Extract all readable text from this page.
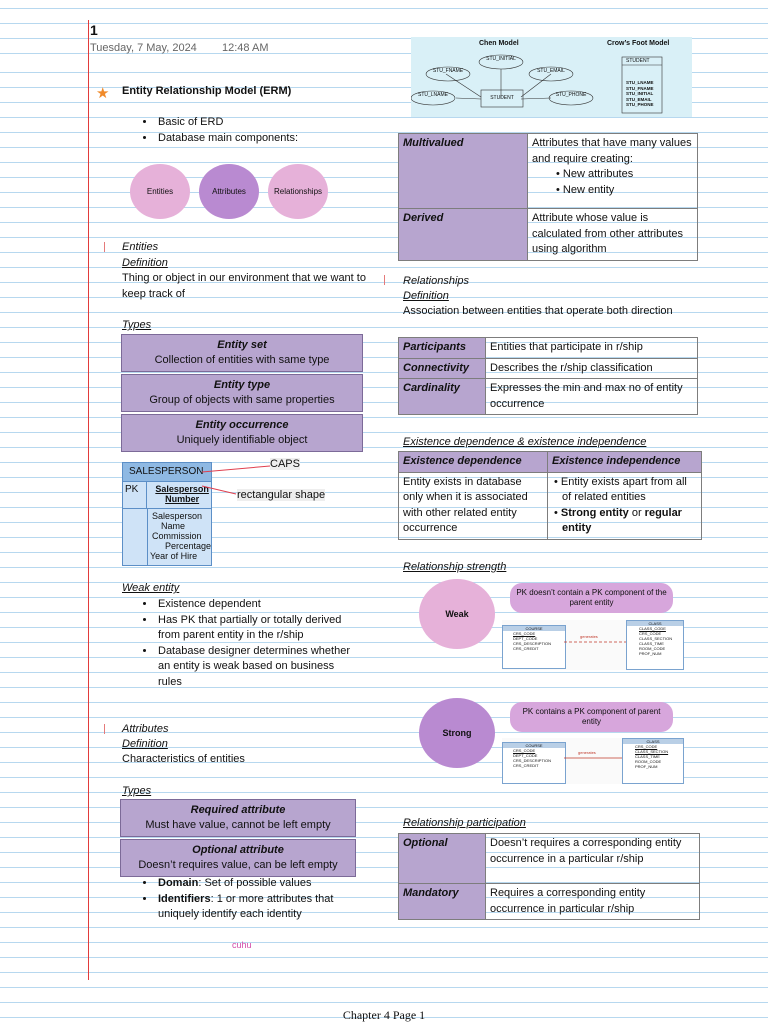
1
Tuesday, 7 May, 2024 12:48 AM
★ Entity Relationship Model (ERM)
• Basic of ERD
• Database main components:
Entities	Attributes	Relationships
Entities
Definition
Thing or object in our environment that we want to keep track of
Types
Entity set
Collection of entities with same type
Entity type
Group of objects with same properties
Entity occurrence
Uniquely identifiable object
SALESPERSON
PK	Salesperson
Number
Salesperson
Name
Commission
Percentage
Year of Hire
CAPS
rectangular shape
Weak entity
• Existence dependent
• Has PK that partially or totally derived from parent entity in the r/ship
• Database designer determines whether an entity is weak based on business rules
Attributes
Definition
Characteristics of entities
Types
Required attribute
Must have value, cannot be left empty
Optional attribute
Doesn’t requires value, can be left empty
• Domain: Set of possible values
• Identifiers: 1 or more attributes that uniquely identify each identity
cuhu
Chen Model	Crow’s Foot Model
STU_INITIAL
STU_FNAME	STU_EMAIL
STU_LNAME	STU_PHONE
STUDENT
STUDENT
STU_LNAME
STU_FNAME
STU_INITIAL
STU_EMAIL
STU_PHONE
Multivalued	Attributes that have many values and require creating:
• New attributes
• New entity

Derived	Attribute whose value is calculated from other attributes using algorithm
Relationships
Definition
Association between entities that operate both direction
Participants	Entities that participate in r/ship
Connectivity	Describes the r/ship classification
Cardinality	Expresses the min and max no of entity occurrence
Existence dependence & existence independence
Existence dependence	Existence independence
Entity exists in database only when it is associated with other related entity occurrence	• Entity exists apart from all of related entities
• Strong entity or regular entity
Relationship strength
Weak
PK doesn’t contain a PK component of the parent entity
COURSE
CRS_CODE
DEPT_CODE CRS_DESCRIPTION CRS_CREDIT
generates
CLASS
CLASS_CODE
CRS_CODE CLASS_SECTION CLASS_TIME ROOM_CODE PROF_NUM
Strong
PK contains a PK component of parent entity
COURSE
CRS_CODE
DEPT_CODE CRS_DESCRIPTION CRS_CREDIT
generates
CLASS
CRS_CODE CLASS_SECTION
CLASS_TIME ROOM_CODE PROF_NUM
Relationship participation
Optional	Doesn’t requires a corresponding entity occurrence in a particular r/ship
Mandatory	Requires a corresponding entity occurrence in particular r/ship
Chapter 4 Page 1
